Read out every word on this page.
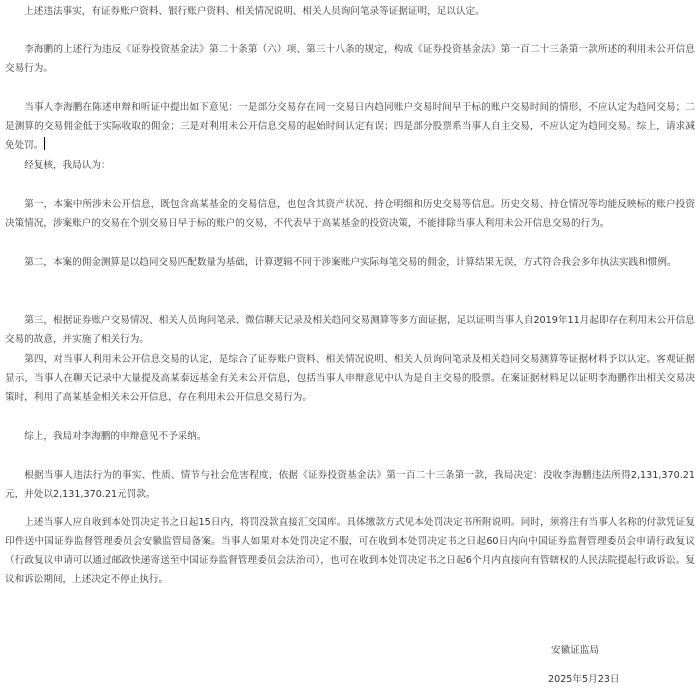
上述违法事实，有证券账户资料、银行账户资料、相关情况说明、相关人员询问笔录等证据证明，足以认定。

李海鹏的上述行为违反《证券投资基金法》第二十条第（六）项、第三十八条的规定，构成《证券投资基金法》第一百二十三条第一款所述的利用未公开信息交易行为。

当事人李海鹏在陈述申辩和听证中提出如下意见：一是部分交易存在同一交易日内趋同账户交易时间早于标的账户交易时间的情形，不应认定为趋同交易；二是测算的交易佣金低于实际收取的佣金；三是对利用未公开信息交易的起始时间认定有误；四是部分股票系当事人自主交易，不应认定为趋同交易。综上，请求减免处罚。

经复核，我局认为：

第一，本案中所涉未公开信息，既包含高某基金的交易信息，也包含其资产状况、持仓明细和历史交易等信息。历史交易、持仓情况等均能反映标的账户投资决策情况，涉案账户的交易在个别交易日早于标的账户的交易，不代表早于高某基金的投资决策，不能排除当事人利用未公开信息交易的行为。

第二，本案的佣金测算是以趋同交易匹配数量为基础，计算逻辑不同于涉案账户实际每笔交易的佣金，计算结果无误，方式符合我会多年执法实践和惯例。

第三，根据证券账户交易情况、相关人员询问笔录、微信聊天记录及相关趋同交易测算等多方面证据，足以证明当事人自2019年11月起即存在利用未公开信息交易的故意，并实施了相关行为。

第四，对当事人利用未公开信息交易的认定，是综合了证券账户资料、相关情况说明、相关人员询问笔录及相关趋同交易测算等证据材料予以认定。客观证据显示，当事人在聊天记录中大量提及高某泰远基金有关未公开信息，包括当事人申辩意见中认为是自主交易的股票。在案证据材料足以证明李海鹏作出相关交易决策时，利用了高某基金相关未公开信息，存在利用未公开信息交易行为。

综上，我局对李海鹏的申辩意见不予采纳。

根据当事人违法行为的事实、性质、情节与社会危害程度，依据《证券投资基金法》第一百二十三条第一款，我局决定：没收李海鹏违法所得2,131,370.21元，并处以2,131,370.21元罚款。

上述当事人应自收到本处罚决定书之日起15日内，将罚没款直接汇交国库。具体缴款方式见本处罚决定书所附说明。同时，须将注有当事人名称的付款凭证复印件送中国证券监督管理委员会安徽监管局备案。当事人如果对本处罚决定不服，可在收到本处罚决定书之日起60日内向中国证券监督管理委员会申请行政复议（行政复议申请可以通过邮政快递寄送至中国证券监督管理委员会法治司），也可在收到本处罚决定书之日起6个月内直接向有管辖权的人民法院提起行政诉讼。复议和诉讼期间，上述决定不停止执行。

安徽证监局

2025年5月23日
